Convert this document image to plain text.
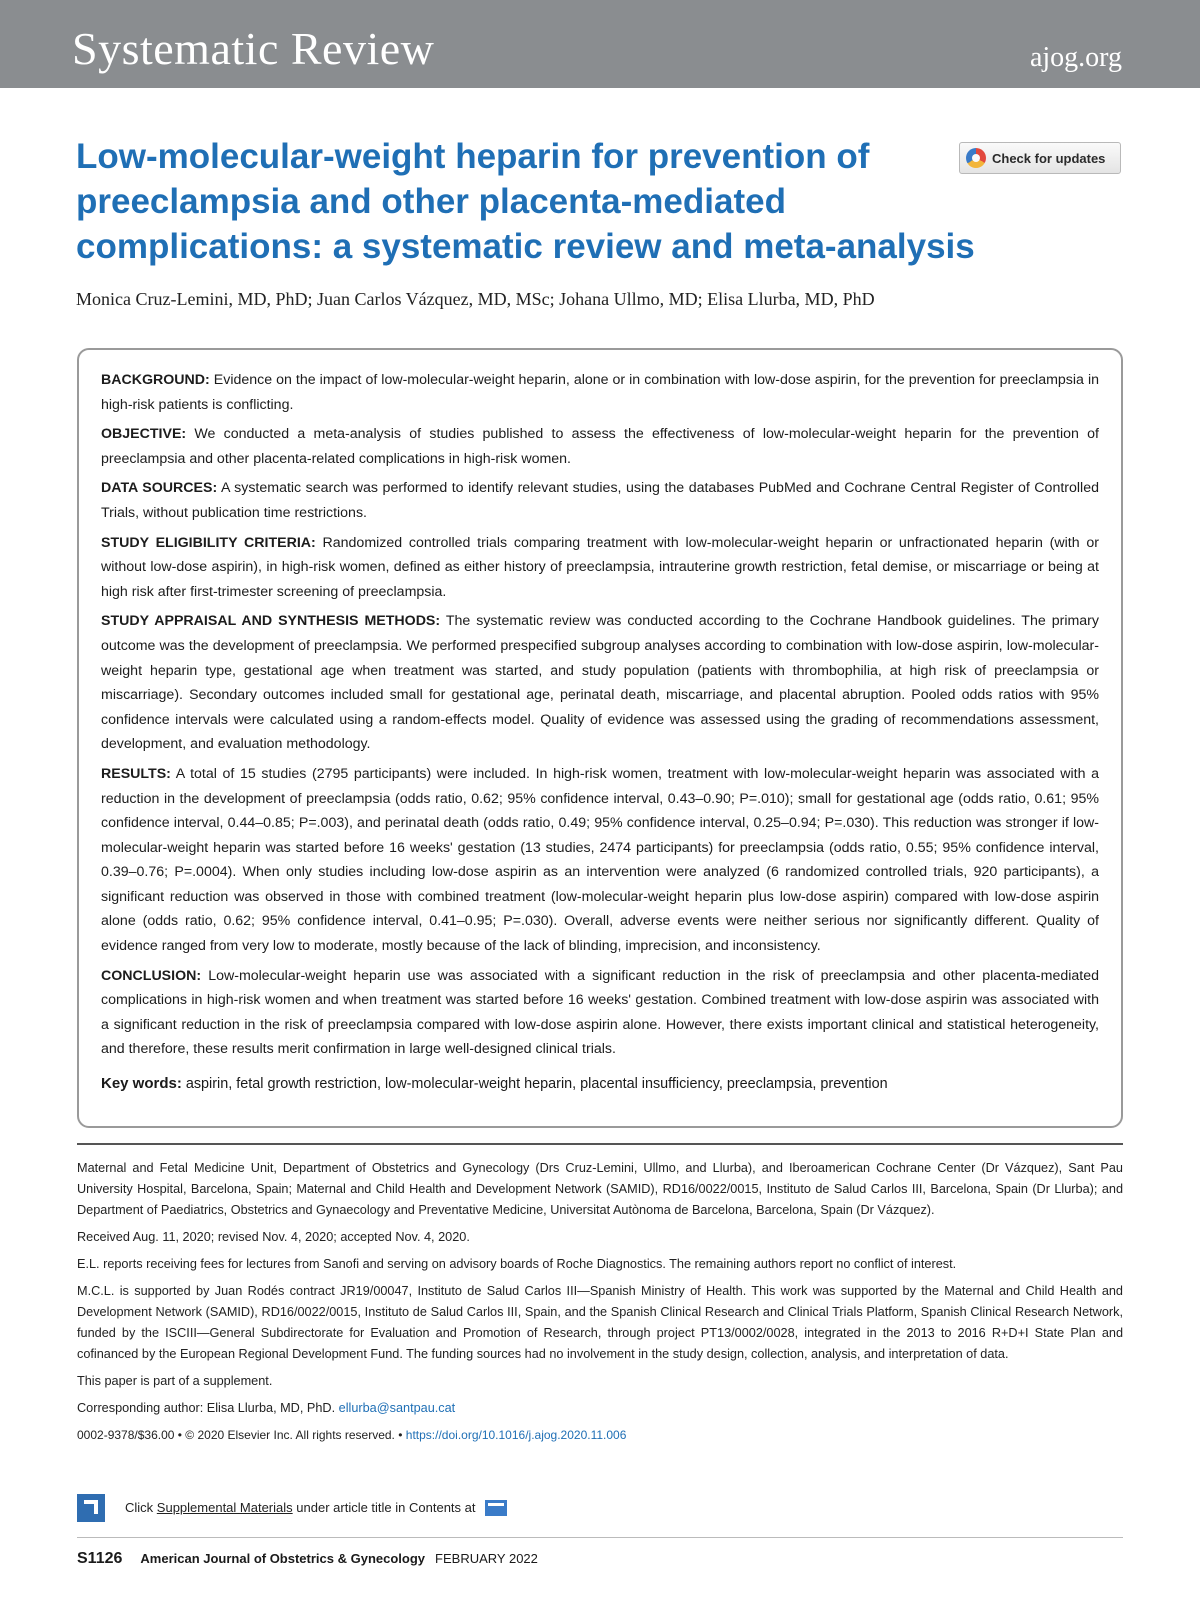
Systematic Review	ajog.org
Low-molecular-weight heparin for prevention of preeclampsia and other placenta-mediated complications: a systematic review and meta-analysis
Check for updates
Monica Cruz-Lemini, MD, PhD; Juan Carlos Vázquez, MD, MSc; Johana Ullmo, MD; Elisa Llurba, MD, PhD

BACKGROUND: Evidence on the impact of low-molecular-weight heparin, alone or in combination with low-dose aspirin, for the prevention for preeclampsia in high-risk patients is conflicting.

OBJECTIVE: We conducted a meta-analysis of studies published to assess the effectiveness of low-molecular-weight heparin for the prevention of preeclampsia and other placenta-related complications in high-risk women.

DATA SOURCES: A systematic search was performed to identify relevant studies, using the databases PubMed and Cochrane Central Register of Controlled Trials, without publication time restrictions.

STUDY ELIGIBILITY CRITERIA: Randomized controlled trials comparing treatment with low-molecular-weight heparin or unfractionated heparin (with or without low-dose aspirin), in high-risk women, defined as either history of preeclampsia, intrauterine growth restriction, fetal demise, or miscarriage or being at high risk after first-trimester screening of preeclampsia.

STUDY APPRAISAL AND SYNTHESIS METHODS: The systematic review was conducted according to the Cochrane Handbook guidelines. The primary outcome was the development of preeclampsia. We performed prespecified subgroup analyses according to combination with low-dose aspirin, low-molecular-weight heparin type, gestational age when treatment was started, and study population (patients with thrombophilia, at high risk of preeclampsia or miscarriage). Secondary outcomes included small for gestational age, perinatal death, miscarriage, and placental abruption. Pooled odds ratios with 95% confidence intervals were calculated using a random-effects model. Quality of evidence was assessed using the grading of recommendations assessment, development, and evaluation methodology.

RESULTS: A total of 15 studies (2795 participants) were included. In high-risk women, treatment with low-molecular-weight heparin was associated with a reduction in the development of preeclampsia (odds ratio, 0.62; 95% confidence interval, 0.43–0.90; P=.010); small for gestational age (odds ratio, 0.61; 95% confidence interval, 0.44–0.85; P=.003), and perinatal death (odds ratio, 0.49; 95% confidence interval, 0.25–0.94; P=.030). This reduction was stronger if low-molecular-weight heparin was started before 16 weeks' gestation (13 studies, 2474 participants) for preeclampsia (odds ratio, 0.55; 95% confidence interval, 0.39–0.76; P=.0004). When only studies including low-dose aspirin as an intervention were analyzed (6 randomized controlled trials, 920 participants), a significant reduction was observed in those with combined treatment (low-molecular-weight heparin plus low-dose aspirin) compared with low-dose aspirin alone (odds ratio, 0.62; 95% confidence interval, 0.41–0.95; P=.030). Overall, adverse events were neither serious nor significantly different. Quality of evidence ranged from very low to moderate, mostly because of the lack of blinding, imprecision, and inconsistency.

CONCLUSION: Low-molecular-weight heparin use was associated with a significant reduction in the risk of preeclampsia and other placenta-mediated complications in high-risk women and when treatment was started before 16 weeks' gestation. Combined treatment with low-dose aspirin was associated with a significant reduction in the risk of preeclampsia compared with low-dose aspirin alone. However, there exists important clinical and statistical heterogeneity, and therefore, these results merit confirmation in large well-designed clinical trials.

Key words: aspirin, fetal growth restriction, low-molecular-weight heparin, placental insufficiency, preeclampsia, prevention

Maternal and Fetal Medicine Unit, Department of Obstetrics and Gynecology (Drs Cruz-Lemini, Ullmo, and Llurba), and Iberoamerican Cochrane Center (Dr Vázquez), Sant Pau University Hospital, Barcelona, Spain; Maternal and Child Health and Development Network (SAMID), RD16/0022/0015, Instituto de Salud Carlos III, Barcelona, Spain (Dr Llurba); and Department of Paediatrics, Obstetrics and Gynaecology and Preventative Medicine, Universitat Autònoma de Barcelona, Barcelona, Spain (Dr Vázquez).

Received Aug. 11, 2020; revised Nov. 4, 2020; accepted Nov. 4, 2020.

E.L. reports receiving fees for lectures from Sanofi and serving on advisory boards of Roche Diagnostics. The remaining authors report no conflict of interest.

M.C.L. is supported by Juan Rodés contract JR19/00047, Instituto de Salud Carlos III—Spanish Ministry of Health. This work was supported by the Maternal and Child Health and Development Network (SAMID), RD16/0022/0015, Instituto de Salud Carlos III, Spain, and the Spanish Clinical Research and Clinical Trials Platform, Spanish Clinical Research Network, funded by the ISCIII—General Subdirectorate for Evaluation and Promotion of Research, through project PT13/0002/0028, integrated in the 2013 to 2016 R+D+I State Plan and cofinanced by the European Regional Development Fund. The funding sources had no involvement in the study design, collection, analysis, and interpretation of data.

This paper is part of a supplement.

Corresponding author: Elisa Llurba, MD, PhD. ellurba@santpau.cat

0002-9378/$36.00 • © 2020 Elsevier Inc. All rights reserved. • https://doi.org/10.1016/j.ajog.2020.11.006

Click Supplemental Materials under article title in Contents at
S1126 American Journal of Obstetrics & Gynecology FEBRUARY 2022
